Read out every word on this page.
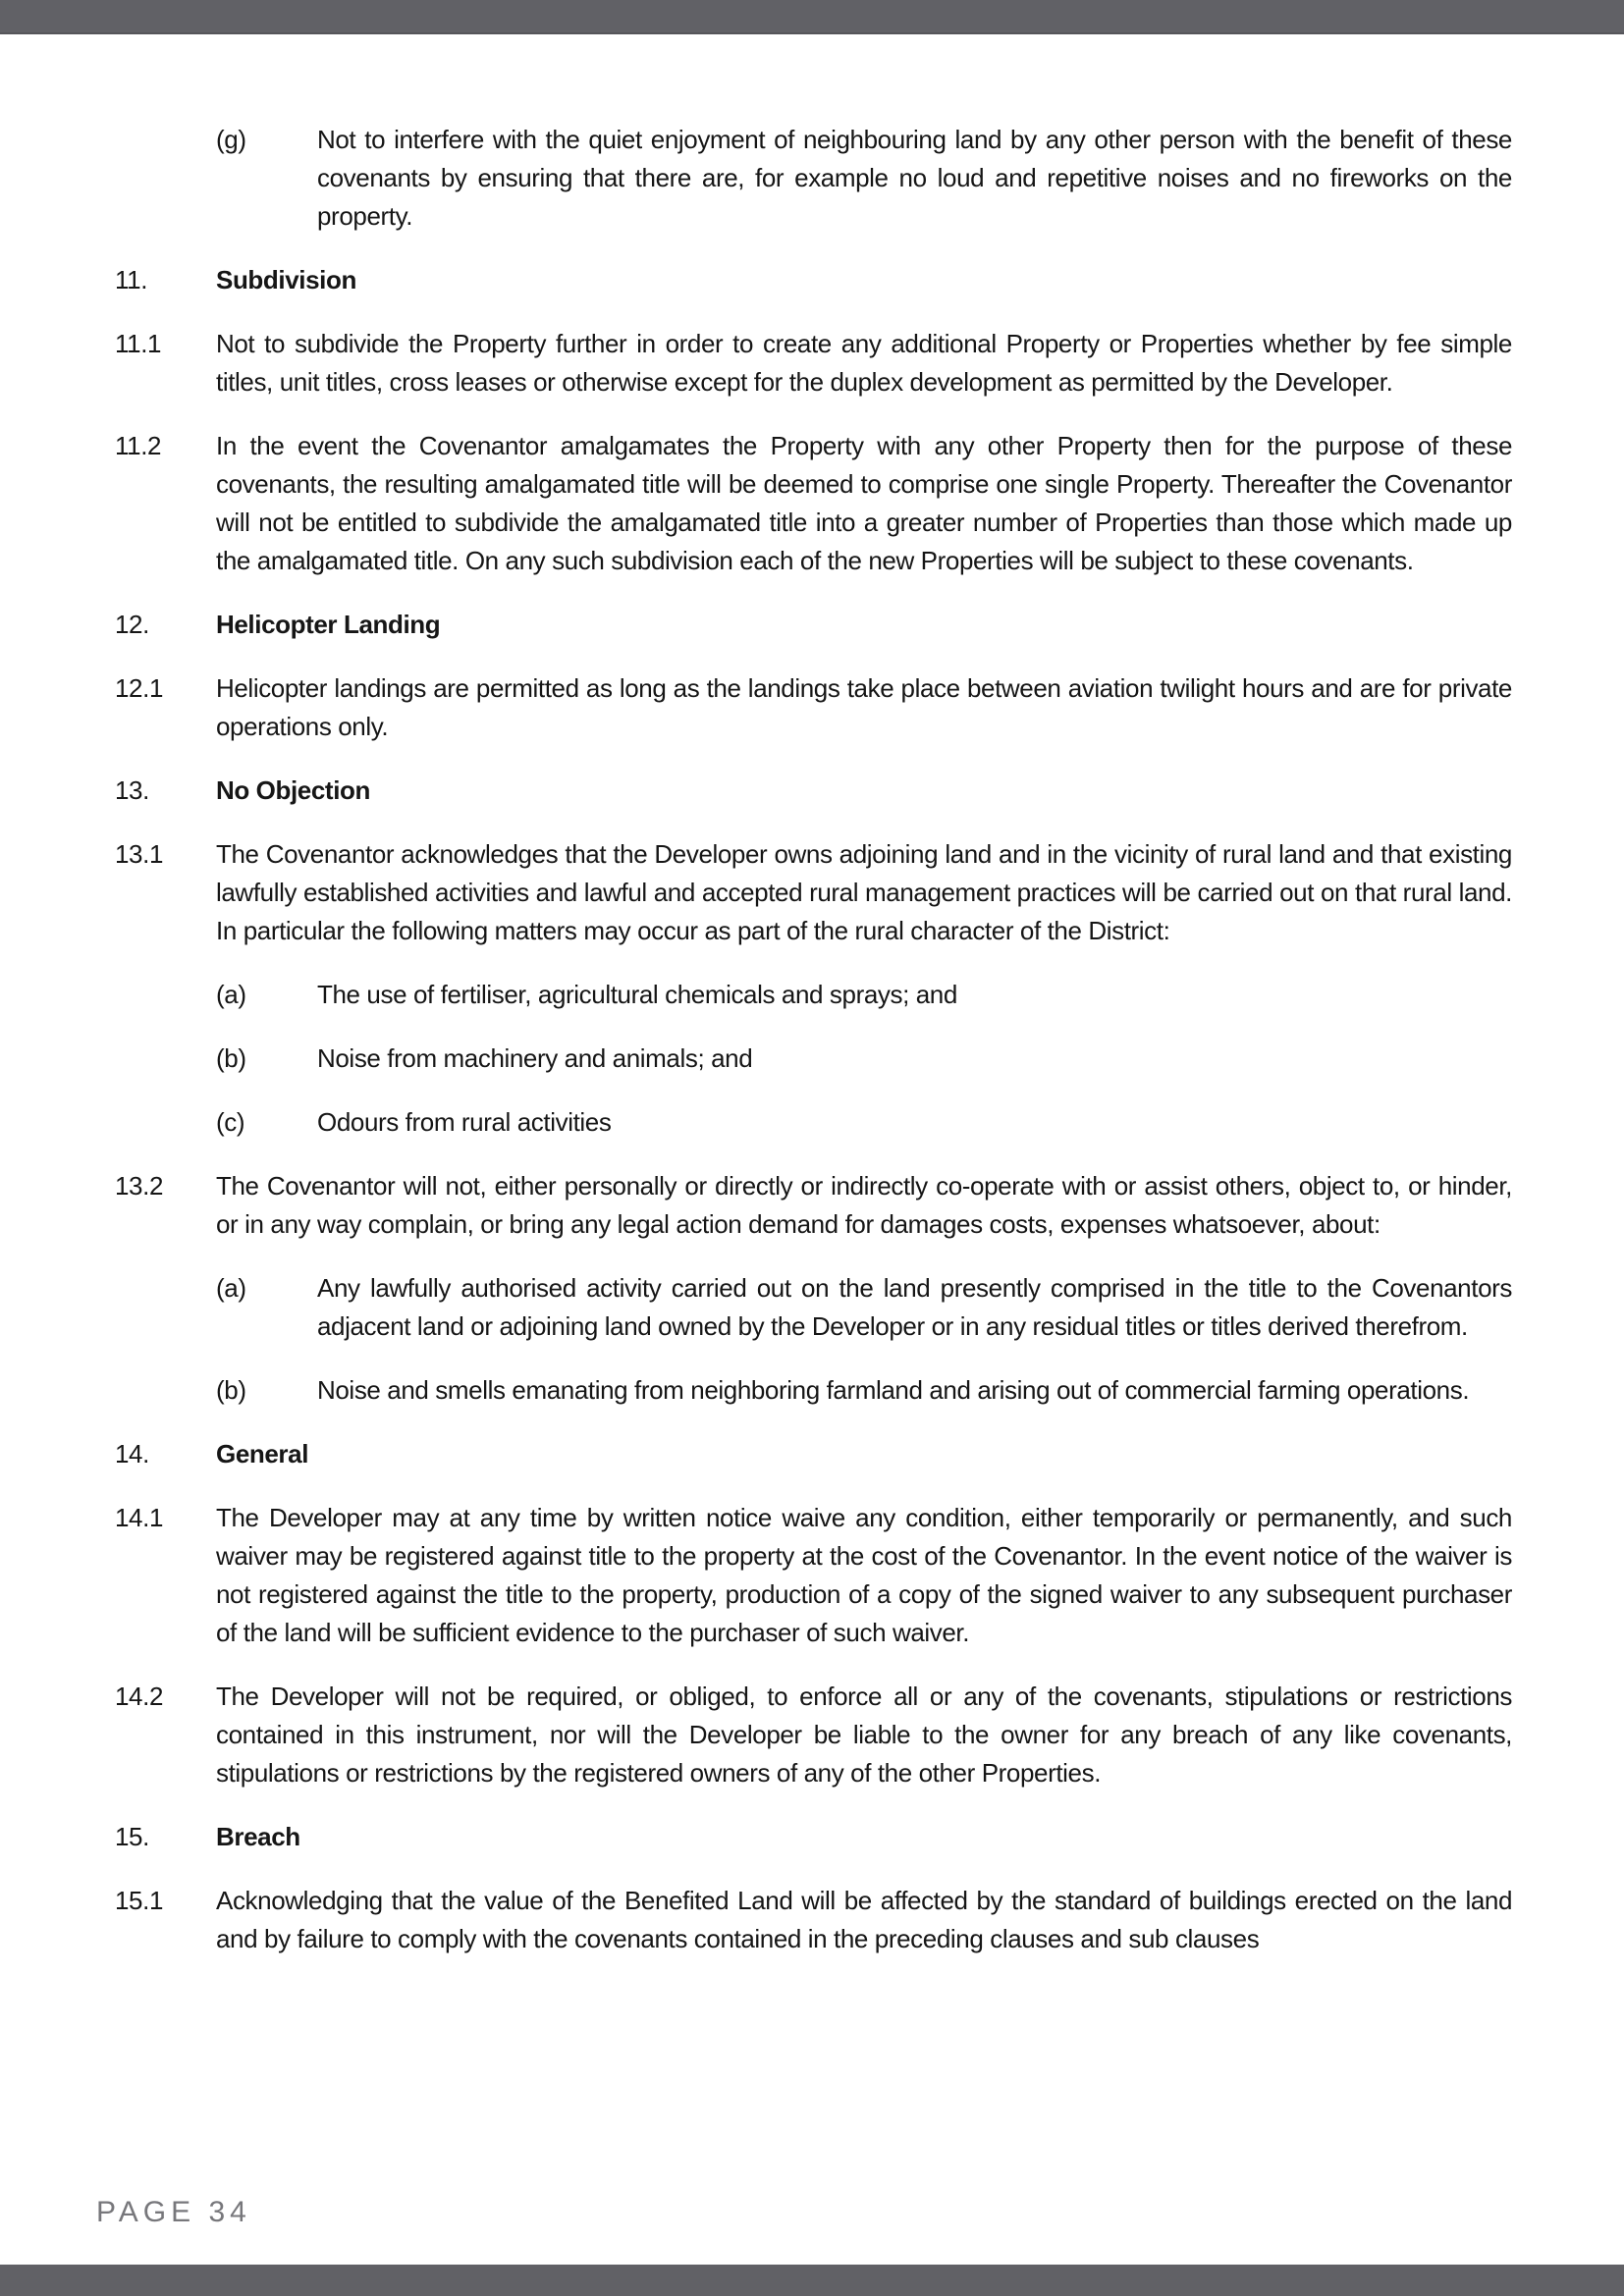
(g)	Not to interfere with the quiet enjoyment of neighbouring land by any other person with the benefit of these covenants by ensuring that there are, for example no loud and repetitive noises and no fireworks on the property.
11.	Subdivision
11.1	Not to subdivide the Property further in order to create any additional Property or Properties whether by fee simple titles, unit titles, cross leases or otherwise except for the duplex development as permitted by the Developer.
11.2	In the event the Covenantor amalgamates the Property with any other Property then for the purpose of these covenants, the resulting amalgamated title will be deemed to comprise one single Property. Thereafter the Covenantor will not be entitled to subdivide the amalgamated title into a greater number of Properties than those which made up the amalgamated title. On any such subdivision each of the new Properties will be subject to these covenants.
12.	Helicopter Landing
12.1	Helicopter landings are permitted as long as the landings take place between aviation twilight hours and are for private operations only.
13.	No Objection
13.1	The Covenantor acknowledges that the Developer owns adjoining land and in the vicinity of rural land and that existing lawfully established activities and lawful and accepted rural management practices will be carried out on that rural land. In particular the following matters may occur as part of the rural character of the District:
(a)	The use of fertiliser, agricultural chemicals and sprays; and
(b)	Noise from machinery and animals; and
(c)	Odours from rural activities
13.2	The Covenantor will not, either personally or directly or indirectly co-operate with or assist others, object to, or hinder, or in any way complain, or bring any legal action demand for damages costs, expenses whatsoever, about:
(a)	Any lawfully authorised activity carried out on the land presently comprised in the title to the Covenantors adjacent land or adjoining land owned by the Developer or in any residual titles or titles derived therefrom.
(b)	Noise and smells emanating from neighboring farmland and arising out of commercial farming operations.
14.	General
14.1	The Developer may at any time by written notice waive any condition, either temporarily or permanently, and such waiver may be registered against title to the property at the cost of the Covenantor. In the event notice of the waiver is not registered against the title to the property, production of a copy of the signed waiver to any subsequent purchaser of the land will be sufficient evidence to the purchaser of such waiver.
14.2	The Developer will not be required, or obliged, to enforce all or any of the covenants, stipulations or restrictions contained in this instrument, nor will the Developer be liable to the owner for any breach of any like covenants, stipulations or restrictions by the registered owners of any of the other Properties.
15.	Breach
15.1	Acknowledging that the value of the Benefited Land will be affected by the standard of buildings erected on the land and by failure to comply with the covenants contained in the preceding clauses and sub clauses
PAGE 34
